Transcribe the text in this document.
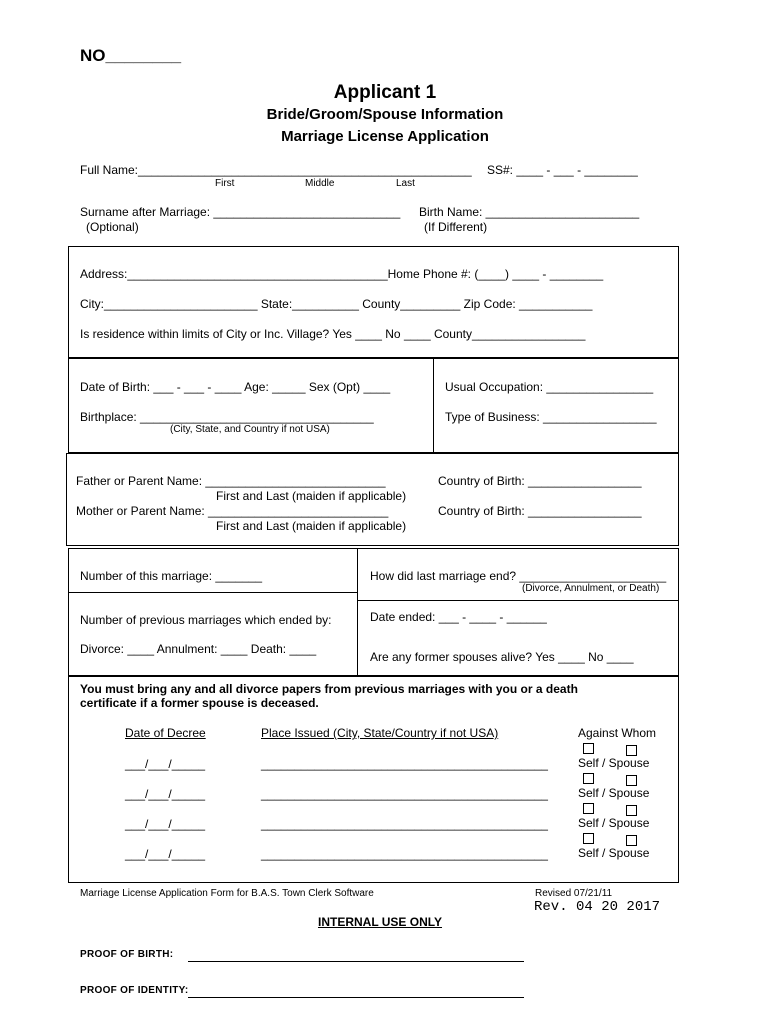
NO________
Applicant 1
Bride/Groom/Spouse Information
Marriage License Application
Full Name:__________________________________________________ SS#: ____ - ___ - ________
First	Middle	Last
Surname after Marriage: ____________________________
(Optional)
Birth Name: _______________________
(If Different)
Address:_______________________________________Home Phone #: (____) ____ - ________
City:_______________________ State:__________ County_________ Zip Code: ___________
Is residence within limits of City or Inc. Village? Yes ____ No ____ County_________________
Date of Birth: ___ - ___ - ____ Age: _____ Sex (Opt) ____
Birthplace: ___________________________________
(City, State, and Country if not USA)
Usual Occupation: ________________
Type of Business: _________________
Father or Parent Name: ___________________________
First and Last (maiden if applicable)
Mother or Parent Name: ___________________________
First and Last (maiden if applicable)
Country of Birth: _________________
Country of Birth: _________________
Number of this marriage: _______
Number of previous marriages which ended by:
Divorce: ____ Annulment: ____ Death: ____
How did last marriage end? ______________________
(Divorce, Annulment, or Death)
Date ended: ___ - ____ - ______
Are any former spouses alive? Yes ____ No ____
You must bring any and all divorce papers from previous marriages with you or a death
certificate if a former spouse is deceased.
Date of Decree	Place Issued (City, State/Country if not USA)	Against Whom
___/___/_____	___________________________________________	Self / Spouse
___/___/_____	___________________________________________	Self / Spouse
___/___/_____	___________________________________________	Self / Spouse
___/___/_____	___________________________________________	Self / Spouse
Marriage License Application Form for B.A.S. Town Clerk Software	Revised 07/21/11
Rev. 04 20 2017
INTERNAL USE ONLY
PROOF OF BIRTH:
PROOF OF IDENTITY:
